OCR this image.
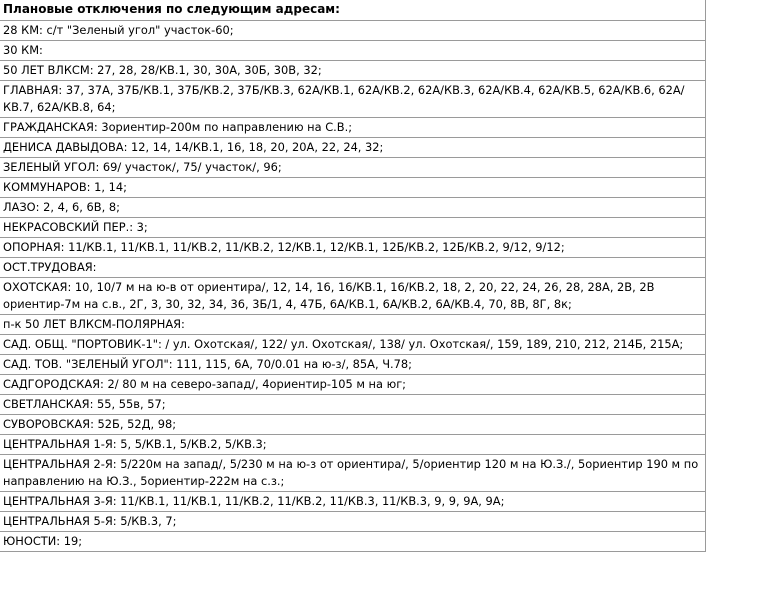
Плановые отключения по следующим адресам:
28 КМ: с/т "Зеленый угол" участок-60;
30 КМ:
50 ЛЕТ ВЛКСМ: 27, 28, 28/КВ.1, 30, 30А, 30Б, 30В, 32;
ГЛАВНАЯ: 37, 37А, 37Б/КВ.1, 37Б/КВ.2, 37Б/КВ.3, 62А/КВ.1, 62А/КВ.2, 62А/КВ.3, 62А/КВ.4, 62А/КВ.5, 62А/КВ.6, 62А/КВ.7, 62А/КВ.8, 64;
ГРАЖДАНСКАЯ: 3ориентир-200м по направлению на С.В.;
ДЕНИСА ДАВЫДОВА: 12, 14, 14/КВ.1, 16, 18, 20, 20А, 22, 24, 32;
ЗЕЛЕНЫЙ УГОЛ: 69/ участок/, 75/ участок/, 96;
КОММУНАРОВ: 1, 14;
ЛАЗО: 2, 4, 6, 6В, 8;
НЕКРАСОВСКИЙ ПЕР.: 3;
ОПОРНАЯ: 11/КВ.1, 11/КВ.1, 11/КВ.2, 11/КВ.2, 12/КВ.1, 12/КВ.1, 12Б/КВ.2, 12Б/КВ.2, 9/12, 9/12;
ОСТ.ТРУДОВАЯ:
ОХОТСКАЯ: 10, 10/7 м на ю-в от ориентира/, 12, 14, 16, 16/КВ.1, 16/КВ.2, 18, 2, 20, 22, 24, 26, 28, 28А, 2В, 2В ориентир-7м на с.в., 2Г, 3, 30, 32, 34, 36, 3Б/1, 4, 47Б, 6А/КВ.1, 6А/КВ.2, 6А/КВ.4, 70, 8В, 8Г, 8к;
п-к 50 ЛЕТ ВЛКСМ-ПОЛЯРНАЯ:
САД. ОБЩ. "ПОРТОВИК-1": / ул. Охотская/, 122/ ул. Охотская/, 138/ ул. Охотская/, 159, 189, 210, 212, 214Б, 215А;
САД. ТОВ. "ЗЕЛЕНЫЙ УГОЛ": 111, 115, 6А, 70/0.01 на ю-з/, 85А, Ч.78;
САДГОРОДСКАЯ: 2/ 80 м на северо-запад/, 4ориентир-105 м на юг;
СВЕТЛАНСКАЯ: 55, 55в, 57;
СУВОРОВСКАЯ: 52Б, 52Д, 98;
ЦЕНТРАЛЬНАЯ 1-Я: 5, 5/КВ.1, 5/КВ.2, 5/КВ.3;
ЦЕНТРАЛЬНАЯ 2-Я: 5/220м на запад/, 5/230 м на ю-з от ориентира/, 5/ориентир 120 м на Ю.З./, 5ориентир 190 м по направлению на Ю.З., 5ориентир-222м на с.з.;
ЦЕНТРАЛЬНАЯ 3-Я: 11/КВ.1, 11/КВ.1, 11/КВ.2, 11/КВ.2, 11/КВ.3, 11/КВ.3, 9, 9, 9А, 9А;
ЦЕНТРАЛЬНАЯ 5-Я: 5/КВ.3, 7;
ЮНОСТИ: 19;
